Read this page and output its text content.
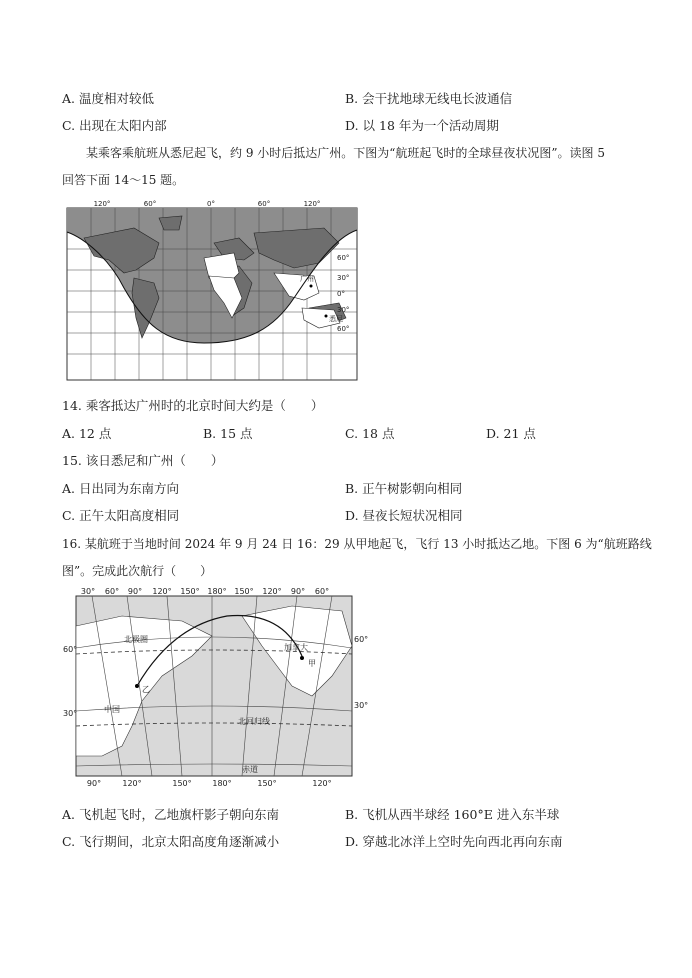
A. 温度相对较低	B. 会干扰地球无线电长波通信
C. 出现在太阳内部	D. 以 18 年为一个活动周期
某乘客乘航班从悉尼起飞，约 9 小时后抵达广州。下图为“航班起飞时的全球昼夜状况图”。读图 5
回答下面 14～15 题。
120°	60°	0°	60°	120°
60°
30°
0°
30°
60°
广州
悉尼
14. 乘客抵达广州时的北京时间大约是（　　）
A. 12 点	B. 15 点	C. 18 点	D. 21 点
15. 该日悉尼和广州（　　）
A. 日出同为东南方向	B. 正午树影朝向相同
C. 正午太阳高度相同	D. 昼夜长短状况相同
16. 某航班于当地时间 2024 年 9 月 24 日 16：29 从甲地起飞，飞行 13 小时抵达乙地。下图 6 为“航班路线
图”。完成此次航行（　　）
30° 60° 90° 120° 150° 180° 150° 120° 90° 60°
90°	120°	150°	180°	150°	120°
60°
30°
60°
30°
北极圈
中国
加拿大
甲
乙
北回归线
赤道
A. 飞机起飞时，乙地旗杆影子朝向东南	B. 飞机从西半球经 160°E 进入东半球
C. 飞行期间，北京太阳高度角逐渐减小	D. 穿越北冰洋上空时先向西北再向东南
